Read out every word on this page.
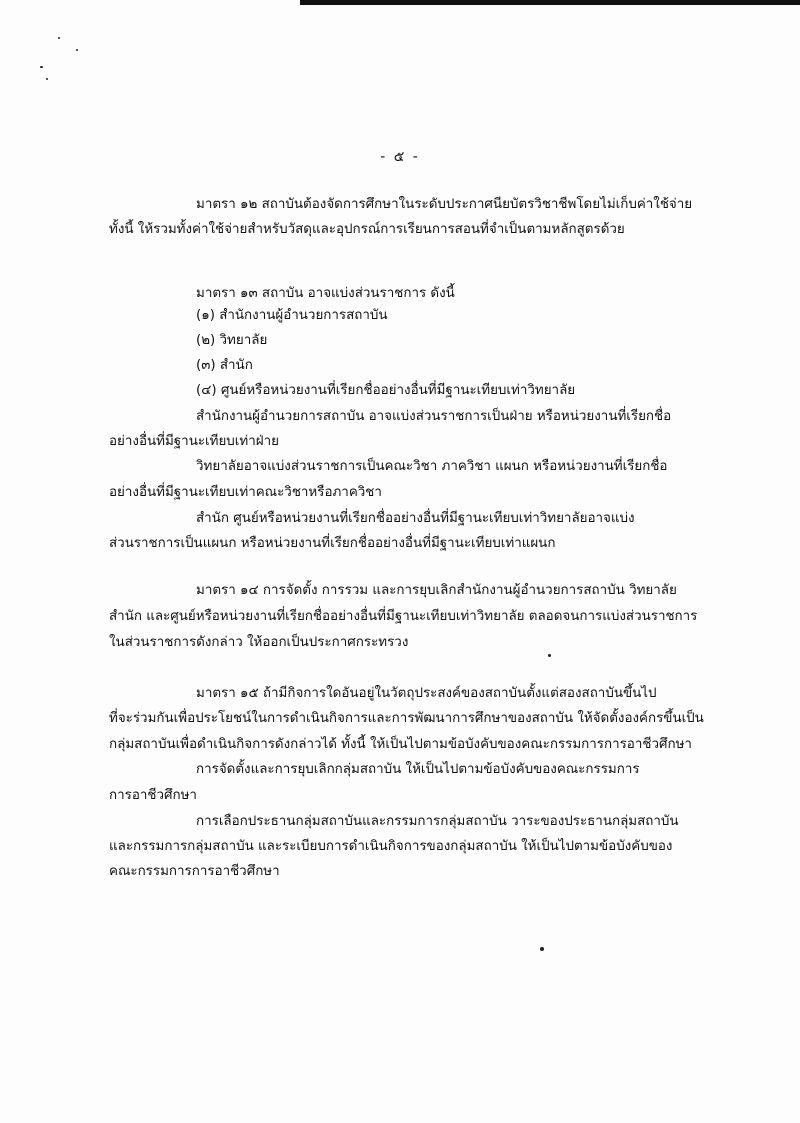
- ๕ -
มาตรา ๑๒ สถาบันต้องจัดการศึกษาในระดับประกาศนียบัตรวิชาชีพโดยไม่เก็บค่าใช้จ่าย
ทั้งนี้ ให้รวมทั้งค่าใช้จ่ายสำหรับวัสดุและอุปกรณ์การเรียนการสอนที่จำเป็นตามหลักสูตรด้วย
มาตรา ๑๓ สถาบัน อาจแบ่งส่วนราชการ ดังนี้
(๑) สำนักงานผู้อำนวยการสถาบัน
(๒) วิทยาลัย
(๓) สำนัก
(๔) ศูนย์หรือหน่วยงานที่เรียกชื่ออย่างอื่นที่มีฐานะเทียบเท่าวิทยาลัย
สำนักงานผู้อำนวยการสถาบัน อาจแบ่งส่วนราชการเป็นฝ่าย หรือหน่วยงานที่เรียกชื่อ
อย่างอื่นที่มีฐานะเทียบเท่าฝ่าย
วิทยาลัยอาจแบ่งส่วนราชการเป็นคณะวิชา ภาควิชา แผนก หรือหน่วยงานที่เรียกชื่อ
อย่างอื่นที่มีฐานะเทียบเท่าคณะวิชาหรือภาควิชา
สำนัก ศูนย์หรือหน่วยงานที่เรียกชื่ออย่างอื่นที่มีฐานะเทียบเท่าวิทยาลัยอาจแบ่ง
ส่วนราชการเป็นแผนก หรือหน่วยงานที่เรียกชื่ออย่างอื่นที่มีฐานะเทียบเท่าแผนก
มาตรา ๑๔ การจัดตั้ง การรวม และการยุบเลิกสำนักงานผู้อำนวยการสถาบัน วิทยาลัย
สำนัก และศูนย์หรือหน่วยงานที่เรียกชื่ออย่างอื่นที่มีฐานะเทียบเท่าวิทยาลัย ตลอดจนการแบ่งส่วนราชการ
ในส่วนราชการดังกล่าว ให้ออกเป็นประกาศกระทรวง
มาตรา ๑๕ ถ้ามีกิจการใดอันอยู่ในวัตถุประสงค์ของสถาบันตั้งแต่สองสถาบันขึ้นไป
ที่จะร่วมกันเพื่อประโยชน์ในการดำเนินกิจการและการพัฒนาการศึกษาของสถาบัน ให้จัดตั้งองค์กรขึ้นเป็น
กลุ่มสถาบันเพื่อดำเนินกิจการดังกล่าวได้ ทั้งนี้ ให้เป็นไปตามข้อบังคับของคณะกรรมการการอาชีวศึกษา
การจัดตั้งและการยุบเลิกกลุ่มสถาบัน ให้เป็นไปตามข้อบังคับของคณะกรรมการ
การอาชีวศึกษา
การเลือกประธานกลุ่มสถาบันและกรรมการกลุ่มสถาบัน วาระของประธานกลุ่มสถาบัน
และกรรมการกลุ่มสถาบัน และระเบียบการดำเนินกิจการของกลุ่มสถาบัน ให้เป็นไปตามข้อบังคับของ
คณะกรรมการการอาชีวศึกษา
